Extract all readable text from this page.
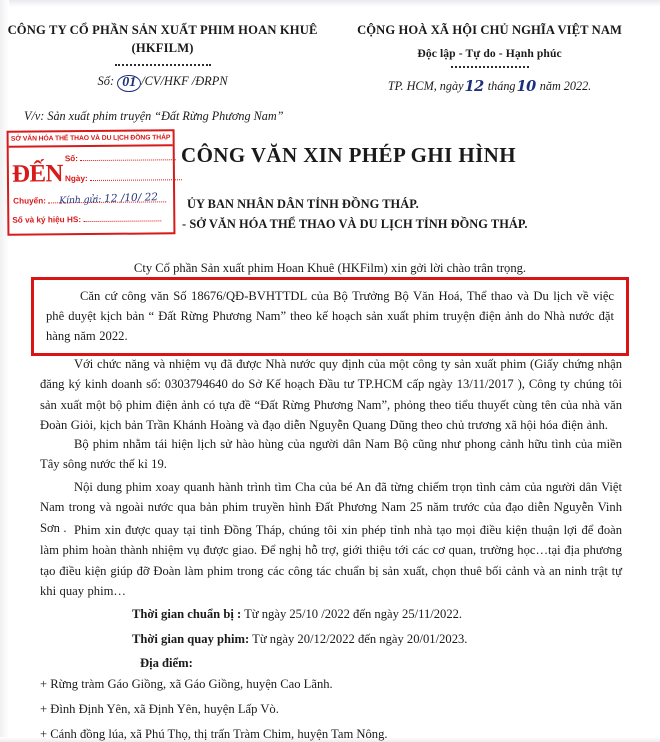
CÔNG TY CỔ PHẦN SẢN XUẤT PHIM HOAN KHUÊ (HKFILM)
Số: 01 /CV/HKF /ĐRPN
CỘNG HOÀ XÃ HỘI CHỦ NGHĨA VIỆT NAM
Độc lập - Tự do - Hạnh phúc
TP. HCM, ngày12 tháng10 năm 2022.
V/v: Sản xuất phim truyện “Đất Rừng Phương Nam”
SỞ VĂN HÓA THỂ THAO VÀ DU LỊCH ĐỒNG THÁP
ĐẾN
Số:
Ngày:
Chuyển:
Số và ký hiệu HS:
Kính gửi: 12 /10/ 22
CÔNG VĂN XIN PHÉP GHI HÌNH
ỦY BAN NHÂN DÂN TỈNH ĐỒNG THÁP.
- SỞ VĂN HÓA THỂ THAO VÀ DU LỊCH TỈNH ĐỒNG THÁP.
Cty Cổ phần Sản xuất phim Hoan Khuê (HKFilm) xin gởi lời chào trân trọng.

Căn cứ công văn Số 18676/QĐ-BVHTTDL của Bộ Trưởng Bộ Văn Hoá, Thể thao và Du lịch về việc phê duyệt kịch bản “ Đất Rừng Phương Nam” theo kế hoạch sản xuất phim truyện điện ảnh do Nhà nước đặt hàng năm 2022.

Với chức năng và nhiệm vụ đã được Nhà nước quy định của một công ty sản xuất phim (Giấy chứng nhận đăng ký kinh doanh số: 0303794640 do Sở Kế hoạch Đầu tư TP.HCM cấp ngày 13/11/2017 ), Công ty chúng tôi sản xuất một bộ phim điện ảnh có tựa đề “Đất Rừng Phương Nam”, phỏng theo tiểu thuyết cùng tên của nhà văn Đoàn Giỏi, kịch bản Trần Khánh Hoàng và đạo diễn Nguyễn Quang Dũng theo chủ trương xã hội hóa điện ảnh.

Bộ phim nhằm tái hiện lịch sử hào hùng của người dân Nam Bộ cũng như phong cảnh hữu tình của miền Tây sông nước thế kỉ 19.

Nội dung phim xoay quanh hành trình tìm Cha của bé An đã từng chiếm trọn tình cảm của người dân Việt Nam trong và ngoài nước qua bản phim truyền hình Đất Phương Nam 25 năm trước của đạo diễn Nguyễn Vinh Sơn . Phim xin được quay tại tỉnh Đồng Tháp, chúng tôi xin phép tỉnh nhà tạo mọi điều kiện thuận lợi để đoàn làm phim hoàn thành nhiệm vụ được giao. Để nghị hỗ trợ, giới thiệu tới các cơ quan, trường học…tại địa phương tạo điều kiện giúp đỡ Đoàn làm phim trong các công tác chuẩn bị sản xuất, chọn thuê bối cảnh và an ninh trật tự khi quay phim…

Thời gian chuẩn bị : Từ ngày 25/10 /2022 đến ngày 25/11/2022.
Thời gian quay phim: Từ ngày 20/12/2022 đến ngày 20/01/2023.
Địa điểm:
+ Rừng tràm Gáo Giồng, xã Gáo Giồng, huyện Cao Lãnh.
+ Đình Định Yên, xã Định Yên, huyện Lấp Vò.
+ Cánh đồng lúa, xã Phú Thọ, thị trấn Tràm Chim, huyện Tam Nông.
